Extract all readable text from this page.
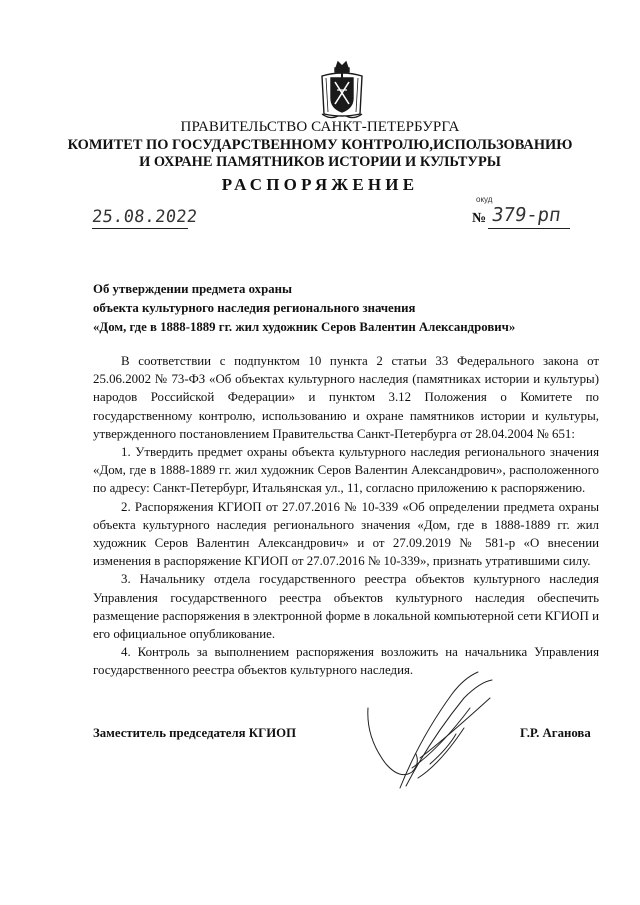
ПРАВИТЕЛЬСТВО САНКТ-ПЕТЕРБУРГА
КОМИТЕТ ПО ГОСУДАРСТВЕННОМУ КОНТРОЛЮ,ИСПОЛЬЗОВАНИЮ
И ОХРАНЕ ПАМЯТНИКОВ ИСТОРИИ И КУЛЬТУРЫ
РАСПОРЯЖЕНИЕ
окуд
25.08.2022	№ 379-рп
Об утверждении предмета охраны
объекта культурного наследия регионального значения
«Дом, где в 1888-1889 гг. жил художник Серов Валентин Александрович»

В соответствии с подпунктом 10 пункта 2 статьи 33 Федерального закона от 25.06.2002 № 73-ФЗ «Об объектах культурного наследия (памятниках истории и культуры) народов Российской Федерации» и пунктом 3.12 Положения о Комитете по государственному контролю, использованию и охране памятников истории и культуры, утвержденного постановлением Правительства Санкт-Петербурга от 28.04.2004 № 651:

1. Утвердить предмет охраны объекта культурного наследия регионального значения «Дом, где в 1888-1889 гг. жил художник Серов Валентин Александрович», расположенного по адресу: Санкт-Петербург, Итальянская ул., 11, согласно приложению к распоряжению.

2. Распоряжения КГИОП от 27.07.2016 № 10-339 «Об определении предмета охраны объекта культурного наследия регионального значения «Дом, где в 1888-1889 гг. жил художник Серов Валентин Александрович» и от 27.09.2019 № 581-р «О внесении изменения в распоряжение КГИОП от 27.07.2016 № 10-339», признать утратившими силу.

3. Начальнику отдела государственного реестра объектов культурного наследия Управления государственного реестра объектов культурного наследия обеспечить размещение распоряжения в электронной форме в локальной компьютерной сети КГИОП и его официальное опубликование.

4. Контроль за выполнением распоряжения возложить на начальника Управления государственного реестра объектов культурного наследия.

Заместитель председателя КГИОП	Г.Р. Аганова
